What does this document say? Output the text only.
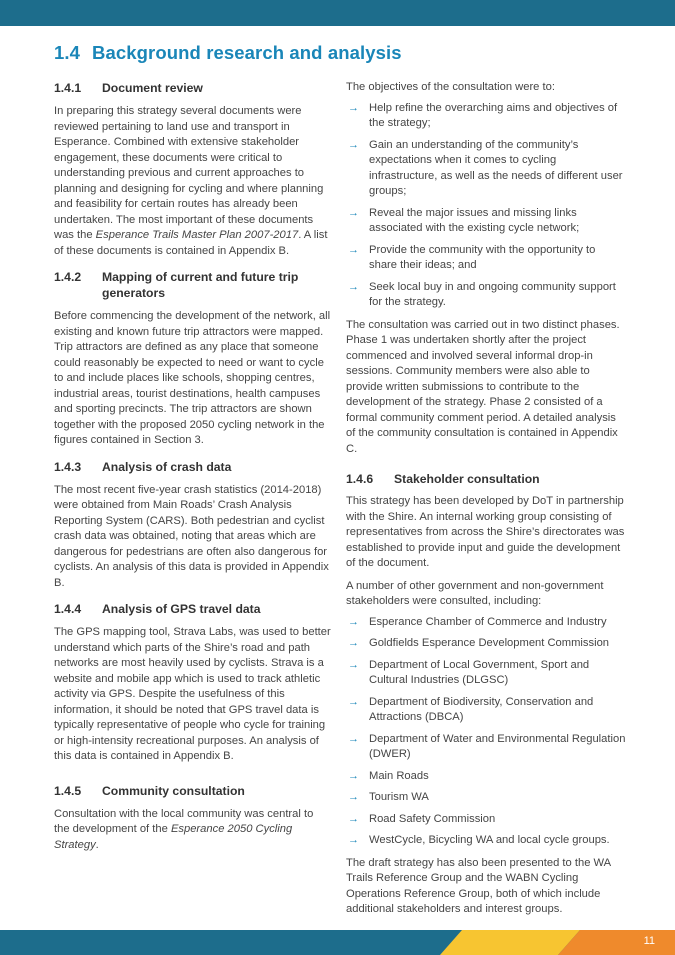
1.4 Background research and analysis
1.4.1	Document review

In preparing this strategy several documents were reviewed pertaining to land use and transport in Esperance. Combined with extensive stakeholder engagement, these documents were critical to understanding previous and current approaches to planning and designing for cycling and where planning and feasibility for certain routes has already been undertaken. The most important of these documents was the Esperance Trails Master Plan 2007-2017. A list of these documents is contained in Appendix B.

1.4.2	Mapping of current and future trip generators

Before commencing the development of the network, all existing and known future trip attractors were mapped. Trip attractors are defined as any place that someone could reasonably be expected to need or want to cycle to and include places like schools, shopping centres, industrial areas, tourist destinations, health campuses and sporting precincts. The trip attractors are shown together with the proposed 2050 cycling network in the figures contained in Section 3.

1.4.3	Analysis of crash data

The most recent five-year crash statistics (2014-2018) were obtained from Main Roads’ Crash Analysis Reporting System (CARS). Both pedestrian and cyclist crash data was obtained, noting that areas which are dangerous for pedestrians are often also dangerous for cyclists. An analysis of this data is provided in Appendix B.

1.4.4	Analysis of GPS travel data

The GPS mapping tool, Strava Labs, was used to better understand which parts of the Shire’s road and path networks are most heavily used by cyclists. Strava is a website and mobile app which is used to track athletic activity via GPS. Despite the usefulness of this information, it should be noted that GPS travel data is typically representative of people who cycle for training or high-intensity recreational purposes. An analysis of this data is contained in Appendix B.

1.4.5	Community consultation

Consultation with the local community was central to the development of the Esperance 2050 Cycling Strategy.

The objectives of the consultation were to:

→ Help refine the overarching aims and objectives of the strategy;
→ Gain an understanding of the community’s expectations when it comes to cycling infrastructure, as well as the needs of different user groups;
→ Reveal the major issues and missing links associated with the existing cycle network;
→ Provide the community with the opportunity to share their ideas; and
→ Seek local buy in and ongoing community support for the strategy.

The consultation was carried out in two distinct phases. Phase 1 was undertaken shortly after the project commenced and involved several informal drop-in sessions. Community members were also able to provide written submissions to contribute to the development of the strategy. Phase 2 consisted of a formal community comment period. A detailed analysis of the community consultation is contained in Appendix C.

1.4.6	Stakeholder consultation

This strategy has been developed by DoT in partnership with the Shire. An internal working group consisting of representatives from across the Shire’s directorates was established to provide input and guide the development of the document.

A number of other government and non-government stakeholders were consulted, including:

→ Esperance Chamber of Commerce and Industry
→ Goldfields Esperance Development Commission
→ Department of Local Government, Sport and Cultural Industries (DLGSC)
→ Department of Biodiversity, Conservation and Attractions (DBCA)
→ Department of Water and Environmental Regulation (DWER)
→ Main Roads
→ Tourism WA
→ Road Safety Commission
→ WestCycle, Bicycling WA and local cycle groups.

The draft strategy has also been presented to the WA Trails Reference Group and the WABN Cycling Operations Reference Group, both of which include additional stakeholders and interest groups.

11
